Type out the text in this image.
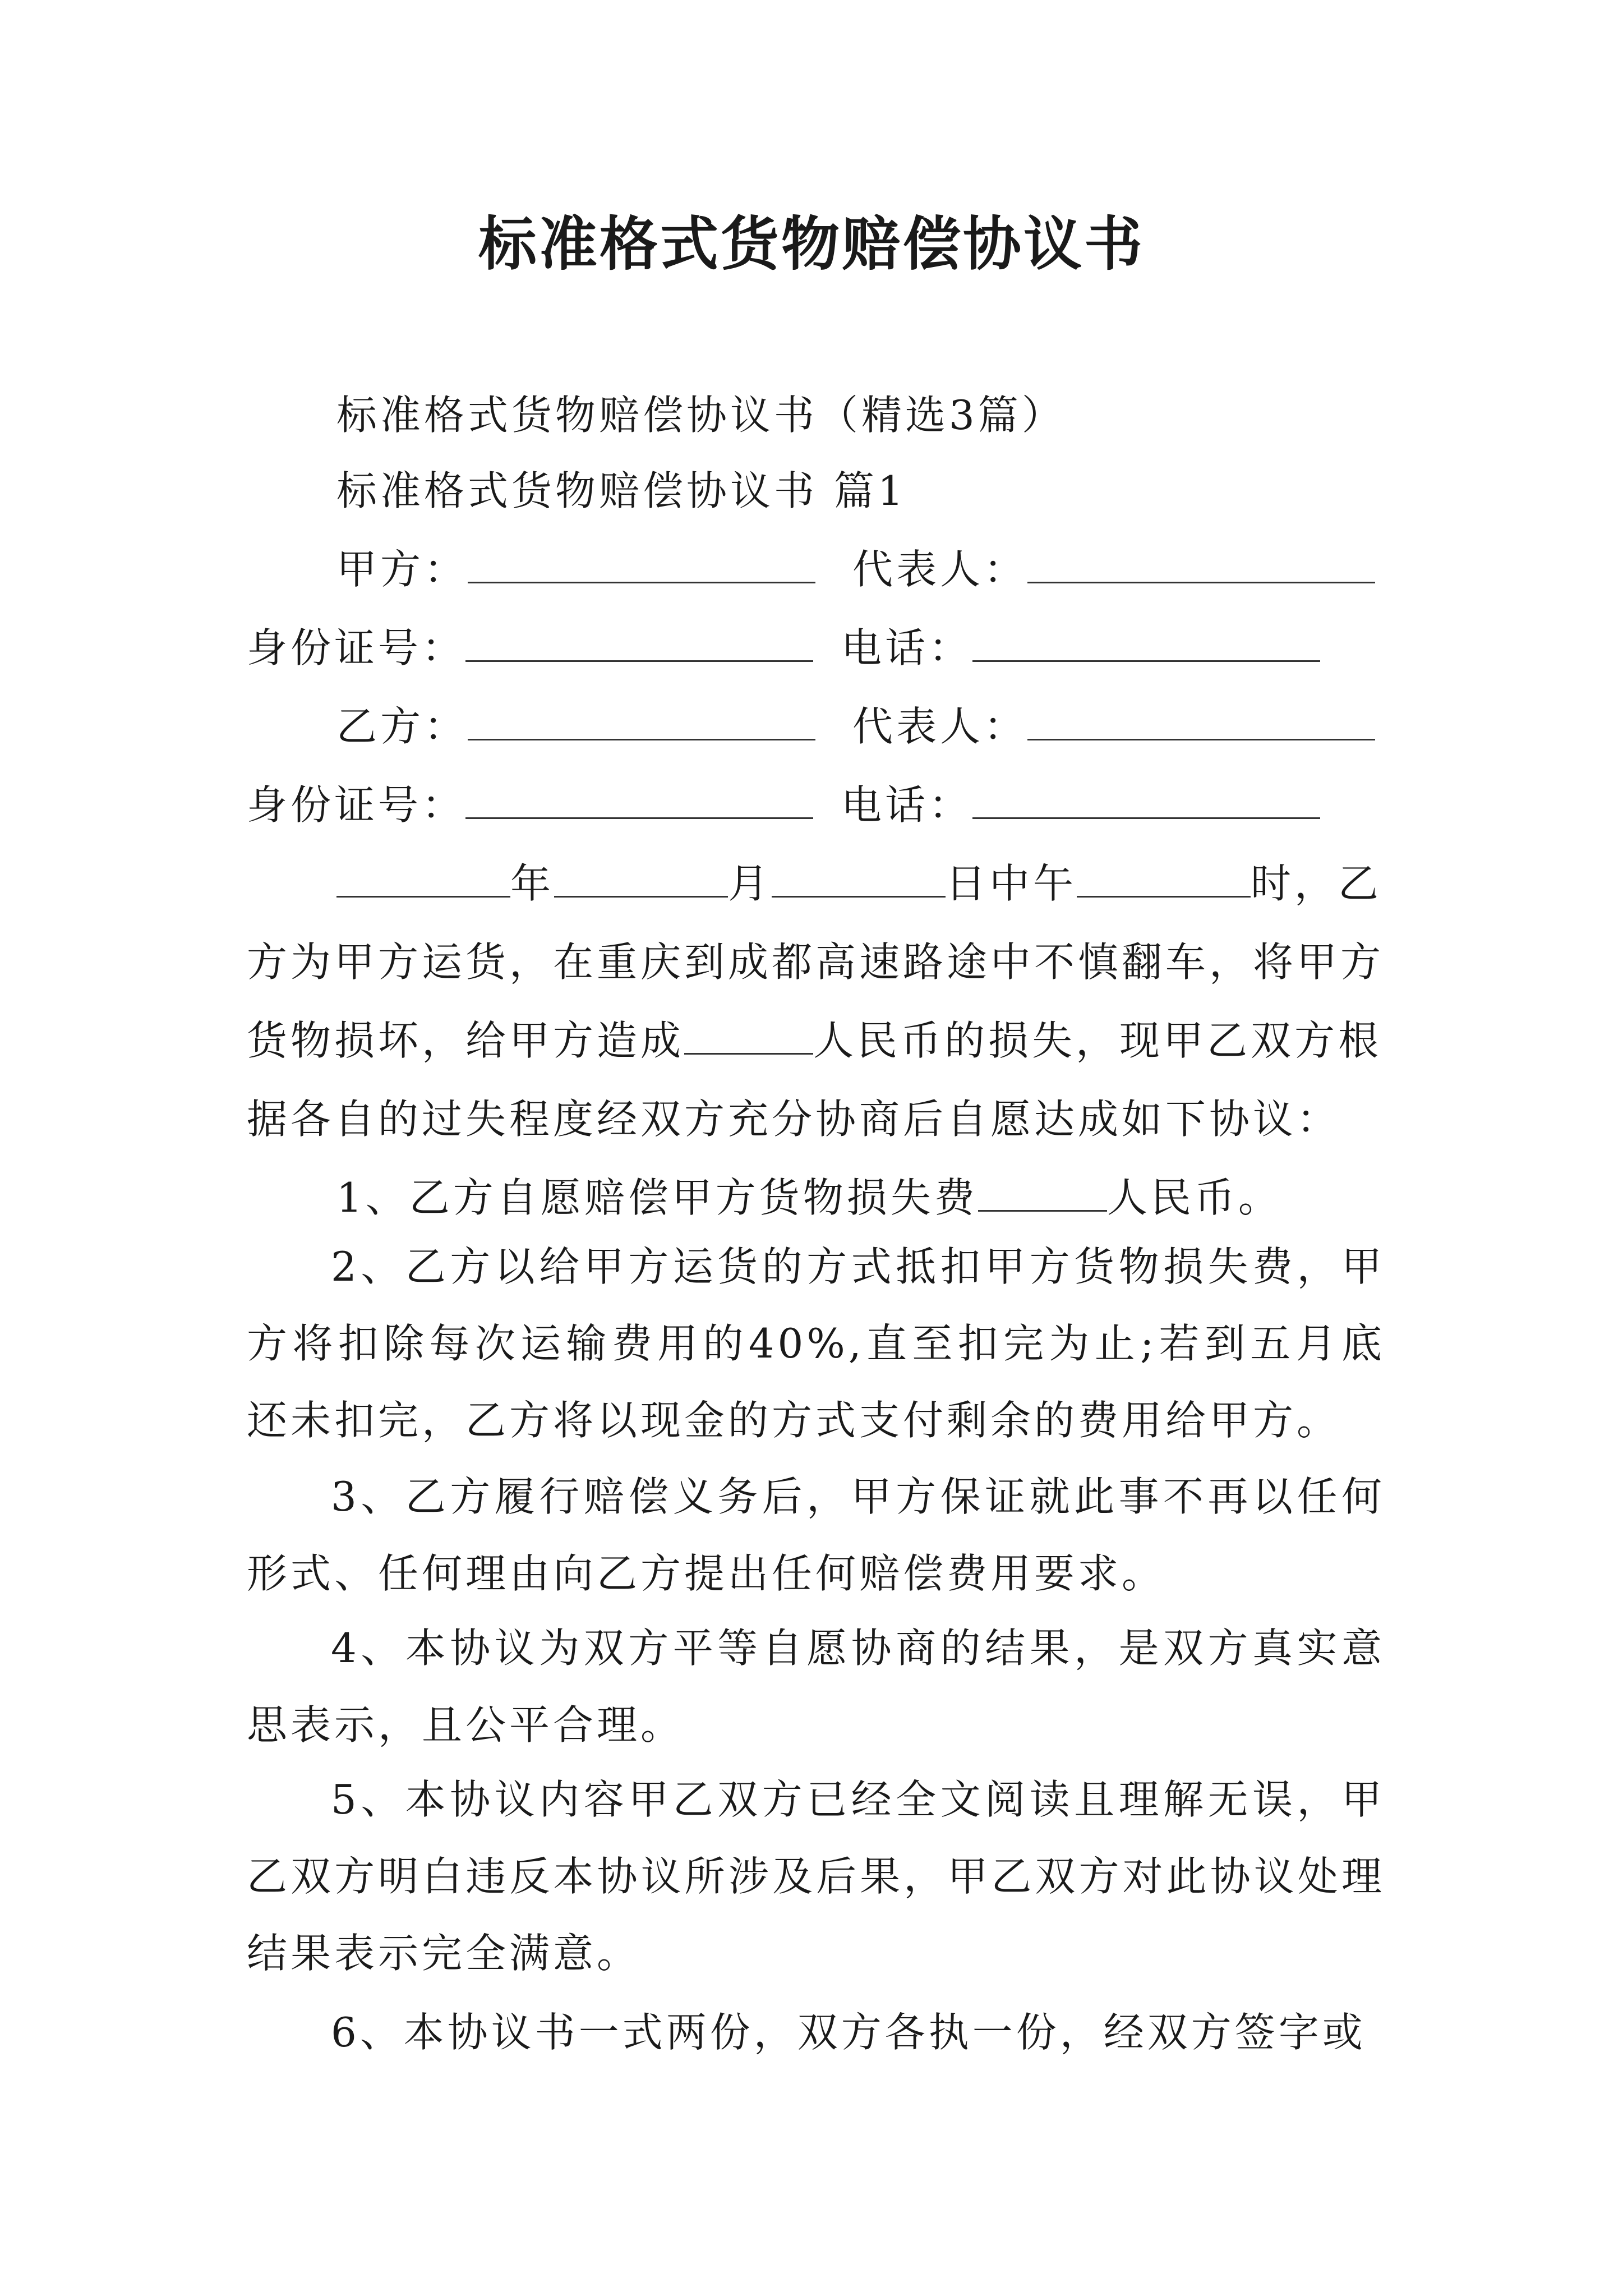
标准格式货物赔偿协议书
标准格式货物赔偿协议书（精选3篇）
标准格式货物赔偿协议书 篇1
甲方：	代表人：
身份证号：	电话：
乙方：	代表人：
身份证号：	电话：
年	月	日中午	时，乙
方为甲方运货，在重庆到成都高速路途中不慎翻车，将甲方
货物损坏，给甲方造成	人民币的损失，现甲乙双方根
据各自的过失程度经双方充分协商后自愿达成如下协议：
1、乙方自愿赔偿甲方货物损失费	人民币。
2、乙方以给甲方运货的方式抵扣甲方货物损失费，甲方将扣除每次运输费用的40%,直至扣完为止;若到五月底还未扣完，乙方将以现金的方式支付剩余的费用给甲方。
3、乙方履行赔偿义务后，甲方保证就此事不再以任何形式、任何理由向乙方提出任何赔偿费用要求。
4、本协议为双方平等自愿协商的结果，是双方真实意思表示，且公平合理。
5、本协议内容甲乙双方已经全文阅读且理解无误，甲乙双方明白违反本协议所涉及后果，甲乙双方对此协议处理结果表示完全满意。
6、本协议书一式两份，双方各执一份，经双方签字或
